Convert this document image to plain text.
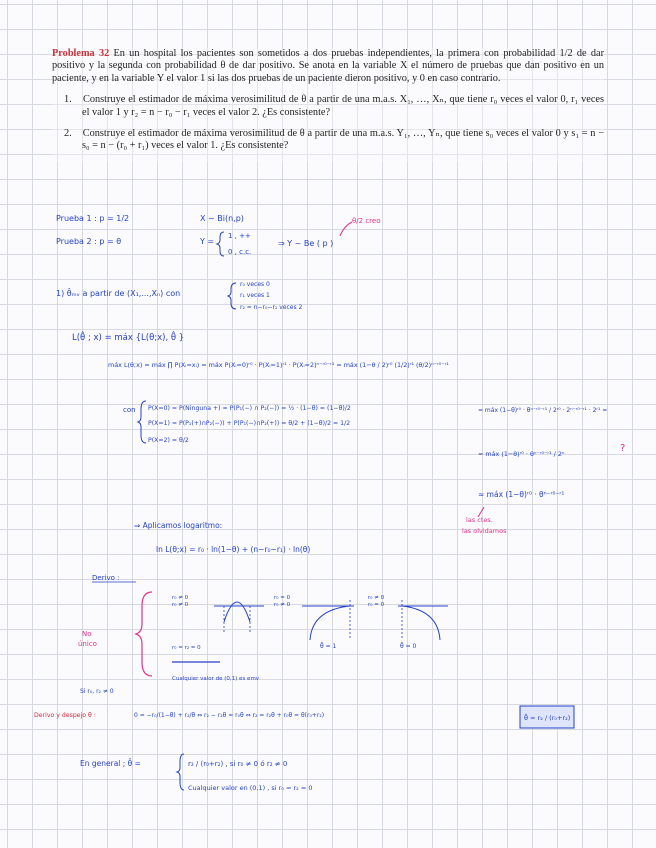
Problema 32 En un hospital los pacientes son sometidos a dos pruebas independientes, la primera con probabilidad 1/2 de dar positivo y la segunda con probabilidad θ de dar positivo. Se anota en la variable X el número de pruebas que dan positivo en un paciente, y en la variable Y el valor 1 si las dos pruebas de un paciente dieron positivo, y 0 en caso contrario.
1. Construye el estimador de máxima verosimilitud de θ a partir de una m.a.s. X₁, …, Xₙ, que tiene r₀ veces el valor 0, r₁ veces el valor 1 y r₂ = n − r₀ − r₁ veces el valor 2. ¿Es consistente?
2. Construye el estimador de máxima verosimilitud de θ a partir de una m.a.s. Y₁, …, Yₙ, que tiene s₀ veces el valor 0 y s₁ = n − s₀ = n − (r₀ + r₁) veces el valor 1. ¿Es consistente?
Prueba 1 : p = 1/2
Prueba 2 : p = θ
X ~ Bi(n,p)
Y =
1 , ++
0 , c.c.
⇒ Y ~ Be ( p )
θ/2 creo
1) θ̂ₘᵥ a partir de (X₁,...,Xₙ) con
r₀ veces 0
r₁ veces 1
r₂ = n−r₀−r₁ veces 2
L(θ̂ ; x) = máx {L(θ;x), θ̂ }
máx L(θ;x) = máx ∏ P(Xᵢ=xᵢ) = máx P(Xᵢ=0)ʳ⁰ · P(Xᵢ=1)ʳ¹ · P(Xᵢ=2)ⁿ⁻ʳ⁰⁻ʳ¹ = máx (1−θ / 2)ʳ⁰ (1/2)ʳ¹ (θ/2)ⁿ⁻ʳ⁰⁻ʳ¹
con P(X=0) = P(Ninguna +) = P(P₁(−) ∩ P₂(−)) = ½ · (1−θ) = (1−θ)/2
P(X=1) = P(P₁(+)∩P₂(−)) + P(P₁(−)∩P₂(+)) = θ/2 + (1−θ)/2 = 1/2
P(X=2) = θ/2
= máx (1−θ)ʳ⁰ · θⁿ⁻ʳ⁰⁻ʳ¹ / 2ʳ⁰ · 2ⁿ⁻ʳ⁰⁻ʳ¹ · 2ʳ¹ =
= máx (1−θ)ʳ⁰ · θⁿ⁻ʳ⁰⁻ʳ¹ / 2ⁿ	?
≈ máx (1−θ)ʳ⁰ · θⁿ⁻ʳ⁰⁻ʳ¹
las ctes.
las olvidamos
⇒ Aplicamos logaritmo:
ln L(θ;x) = r₀ · ln(1−θ) + (n−r₀−r₁) · ln(θ)
Derivo :
No
único
r₀ ≠ 0
r₀ ≠ 0
r₀ = 0
r₀ ≠ 0
θ̂ = 1
r₀ ≠ 0
r₀ = 0
θ̂ = 0
r₀ = r₂ = 0
Cualquier valor de (0,1) es emv
Si r₀, r₂ ≠ 0
Derivo y despejo θ :	0 = −r₀/(1−θ) + r₂/θ ⇔ r₂ − r₂θ = r₀θ ⇔ r₂ = r₂θ + r₀θ = θ(r₀+r₂)	θ̂ = r₂ / (r₀+r₂)
En general ; θ̂ =	r₂ / (r₀+r₂) , si r₀ ≠ 0 ó r₂ ≠ 0
Cualquier valor en (0,1) , si r₀ = r₂ = 0
